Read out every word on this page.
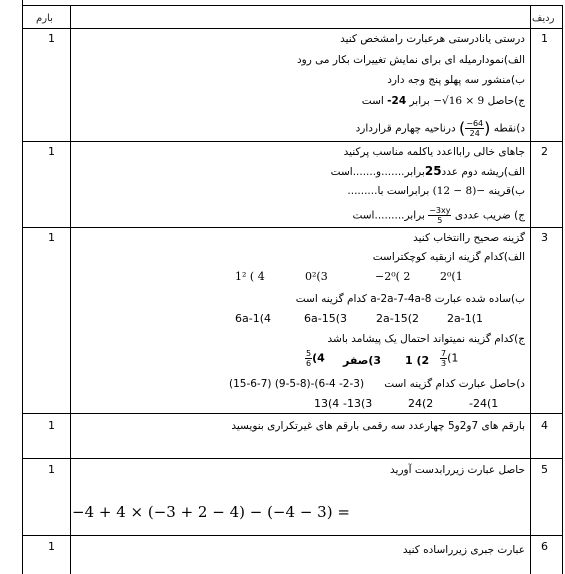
بارم	ردیف
1
1	درستی یانادرستی هرعبارت رامشخص کنید
الف)نمودارمیله ای برای نمایش تغییرات بکار می رود
ب)منشور سه پهلو پنج وجه دارد
ج)حاصل −√16 × 9 برابر 24- است
د)نقطه (
$\frac{-64}{24}$
) درناحیه چهارم قراردارد
2
1	جاهای خالی رابااعدد یاکلمه مناسب پرکنید
الف)ریشه دوم عدد25برابر.......و.......است
ب)قرینه (12 − 8)− برابراست با.........
ج) ضریب عددی
$\frac{-3xy}{5}$
برابر.........است
3
1	گزینه صحیح راانتخاب کنید
الف)کدام گزینه ازبقیه کوچکتراست
2⁰(1
−2⁰( 2
0²(3
1² ( 4
ب)ساده شده عبارت 8-a-2a-7-4a کدام گزینه است
2a-1(1
2a-15(2
6a-15(3
6a-1(4
ج)کدام گزینه نمیتواند احتمال یک پیشامد باشد
$\frac{7}{3} (1$
1 (2
3)صفر
$\frac{5}{6} (4$
د)حاصل عبارت کدام گزینه است
(15-6-7) (9-5-8)-(6-4 -2-3)
-24(1
24(2
-13(3
13(4
4
1	بارقم های 7و2و5 چهارعدد سه رقمی بارقم های غیرتکراری بنویسید
5
1	حاصل عبارت زیررابدست آورید
−4 + 4 × (−3 + 2 − 4) − (−4 − 3) =
6
1	عبارت جبری زیرراساده کنید
